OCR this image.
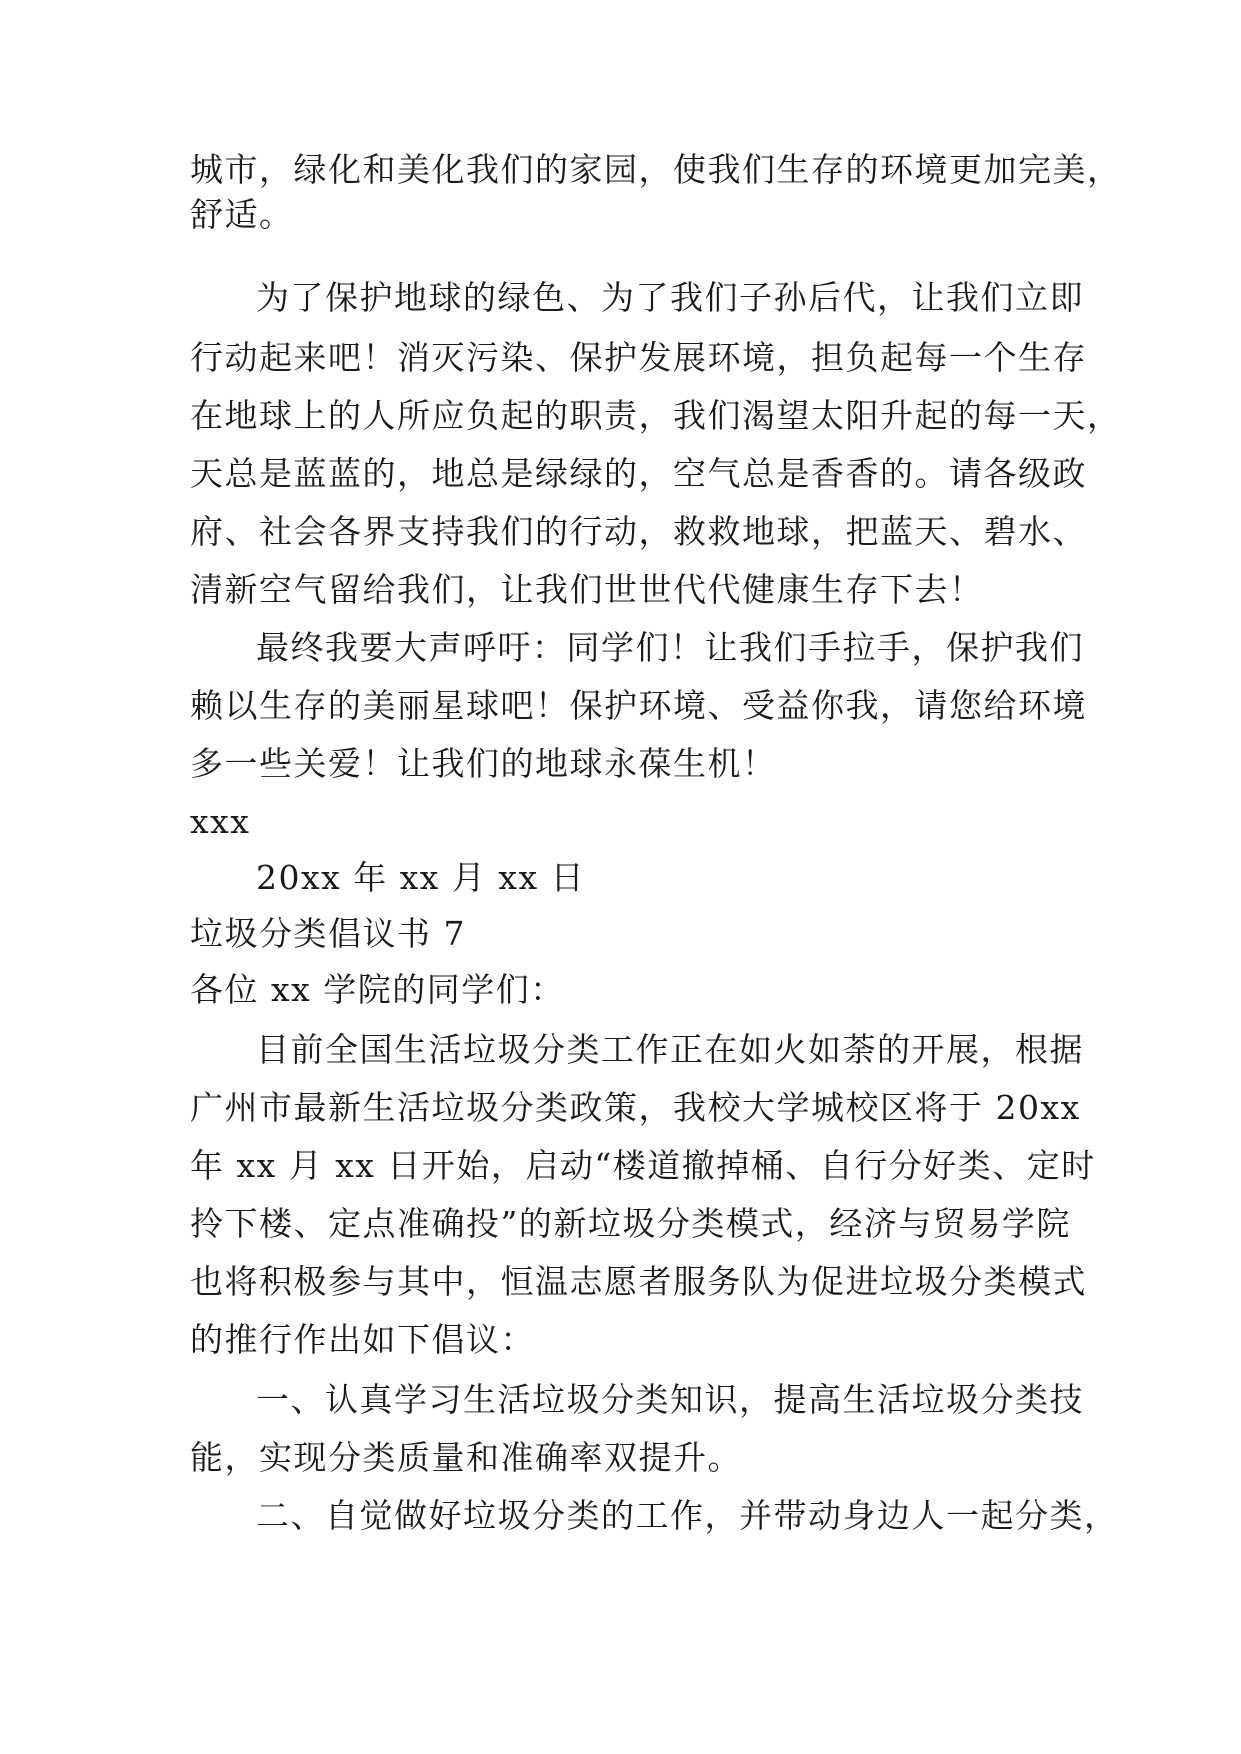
城市，绿化和美化我们的家园，使我们生存的环境更加完美，
舒适。
为了保护地球的绿色、为了我们子孙后代，让我们立即
行动起来吧！消灭污染、保护发展环境，担负起每一个生存
在地球上的人所应负起的职责，我们渴望太阳升起的每一天，
天总是蓝蓝的，地总是绿绿的，空气总是香香的。请各级政
府、社会各界支持我们的行动，救救地球，把蓝天、碧水、
清新空气留给我们，让我们世世代代健康生存下去！
最终我要大声呼吁：同学们！让我们手拉手，保护我们
赖以生存的美丽星球吧！保护环境、受益你我，请您给环境
多一些关爱！让我们的地球永葆生机！
xxx
20xx 年 xx 月 xx 日
垃圾分类倡议书 7
各位 xx 学院的同学们：
目前全国生活垃圾分类工作正在如火如荼的开展，根据
广州市最新生活垃圾分类政策，我校大学城校区将于 20xx
年 xx 月 xx 日开始，启动“楼道撤掉桶、自行分好类、定时
拎下楼、定点准确投”的新垃圾分类模式，经济与贸易学院
也将积极参与其中，恒温志愿者服务队为促进垃圾分类模式
的推行作出如下倡议：
一、认真学习生活垃圾分类知识，提高生活垃圾分类技
能，实现分类质量和准确率双提升。
二、自觉做好垃圾分类的工作，并带动身边人一起分类，
